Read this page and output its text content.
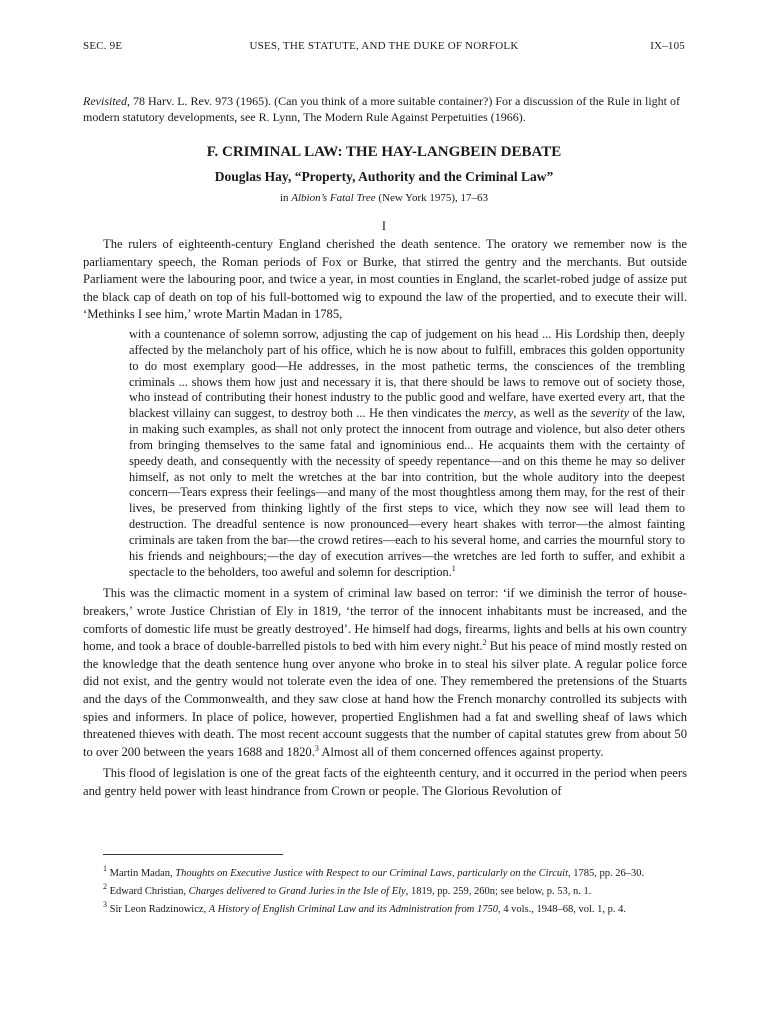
SEC. 9E	USES, THE STATUTE, AND THE DUKE OF NORFOLK	IX–105
Revisited, 78 Harv. L. Rev. 973 (1965). (Can you think of a more suitable container?) For a discussion of the Rule in light of modern statutory developments, see R. Lynn, The Modern Rule Against Perpetuities (1966).
F. CRIMINAL LAW: THE HAY-LANGBEIN DEBATE
Douglas Hay, “Property, Authority and the Criminal Law”
in Albion’s Fatal Tree (New York 1975), 17–63
I

The rulers of eighteenth-century England cherished the death sentence. The oratory we remember now is the parliamentary speech, the Roman periods of Fox or Burke, that stirred the gentry and the merchants. But outside Parliament were the labouring poor, and twice a year, in most counties in England, the scarlet-robed judge of assize put the black cap of death on top of his full-bottomed wig to expound the law of the propertied, and to execute their will. ‘Methinks I see him,’ wrote Martin Madan in 1785,

with a countenance of solemn sorrow, adjusting the cap of judgement on his head ... His Lordship then, deeply affected by the melancholy part of his office, which he is now about to fulfill, embraces this golden opportunity to do most exemplary good—He addresses, in the most pathetic terms, the consciences of the trembling criminals ... shows them how just and necessary it is, that there should be laws to remove out of society those, who instead of contributing their honest industry to the public good and welfare, have exerted every art, that the blackest villainy can suggest, to destroy both ... He then vindicates the mercy, as well as the severity of the law, in making such examples, as shall not only protect the innocent from outrage and violence, but also deter others from bringing themselves to the same fatal and ignominious end... He acquaints them with the certainty of speedy death, and consequently with the necessity of speedy repentance—and on this theme he may so deliver himself, as not only to melt the wretches at the bar into contrition, but the whole auditory into the deepest concern—Tears express their feelings—and many of the most thoughtless among them may, for the rest of their lives, be preserved from thinking lightly of the first steps to vice, which they now see will lead them to destruction. The dreadful sentence is now pronounced—every heart shakes with terror—the almost fainting criminals are taken from the bar—the crowd retires—each to his several home, and carries the mournful story to his friends and neighbours;—the day of execution arrives—the wretches are led forth to suffer, and exhibit a spectacle to the beholders, too aweful and solemn for description.$^1$

This was the climactic moment in a system of criminal law based on terror: ‘if we diminish the terror of house-breakers,’ wrote Justice Christian of Ely in 1819, ‘the terror of the innocent inhabitants must be increased, and the comforts of domestic life must be greatly destroyed’. He himself had dogs, firearms, lights and bells at his own country home, and took a brace of double-barrelled pistols to bed with him every night.$^2$ But his peace of mind mostly rested on the knowledge that the death sentence hung over anyone who broke in to steal his silver plate. A regular police force did not exist, and the gentry would not tolerate even the idea of one. They remembered the pretensions of the Stuarts and the days of the Commonwealth, and they saw close at hand how the French monarchy controlled its subjects with spies and informers. In place of police, however, propertied Englishmen had a fat and swelling sheaf of laws which threatened thieves with death. The most recent account suggests that the number of capital statutes grew from about 50 to over 200 between the years 1688 and 1820.$^3$ Almost all of them concerned offences against property.

This flood of legislation is one of the great facts of the eighteenth century, and it occurred in the period when peers and gentry held power with least hindrance from Crown or people. The Glorious Revolution of

$^1$ Martin Madan, Thoughts on Executive Justice with Respect to our Criminal Laws, particularly on the Circuit, 1785, pp. 26–30.
$^2$ Edward Christian, Charges delivered to Grand Juries in the Isle of Ely, 1819, pp. 259, 260n; see below, p. 53, n. 1.
$^3$ Sir Leon Radzinowicz, A History of English Criminal Law and its Administration from 1750, 4 vols., 1948–68, vol. 1, p. 4.
